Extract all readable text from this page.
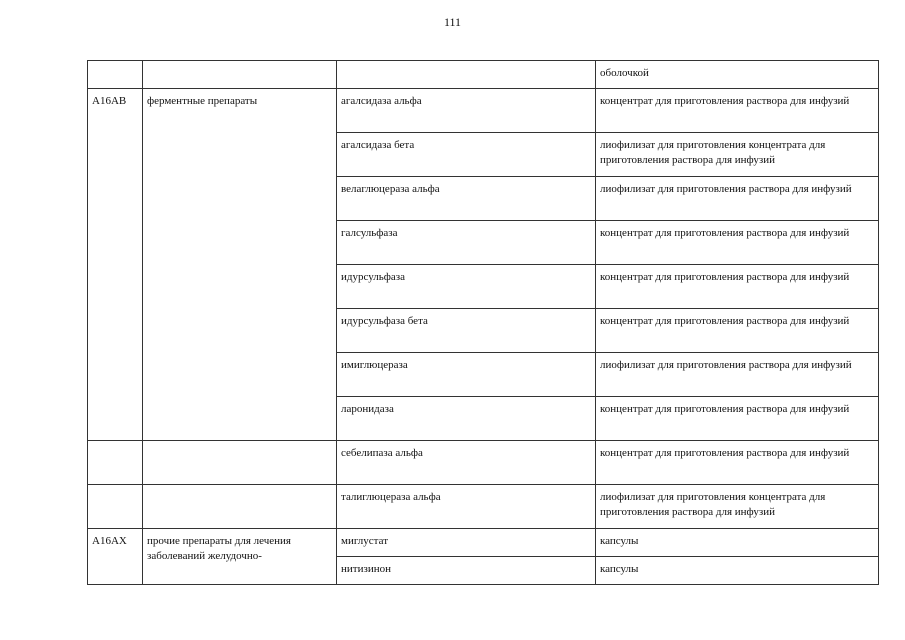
111
			оболочкой
A16AB	ферментные препараты	агалсидаза альфа	концентрат для приготовления раствора для инфузий
		агалсидаза бета	лиофилизат для приготовления концентрата для приготовления раствора для инфузий
		велаглюцераза альфа	лиофилизат для приготовления раствора для инфузий
		галсульфаза	концентрат для приготовления раствора для инфузий
		идурсульфаза	концентрат для приготовления раствора для инфузий
		идурсульфаза бета	концентрат для приготовления раствора для инфузий
		имиглюцераза	лиофилизат для приготовления раствора для инфузий
		ларонидаза	концентрат для приготовления раствора для инфузий
		себелипаза альфа	концентрат для приготовления раствора для инфузий
		талиглюцераза альфа	лиофилизат для приготовления концентрата для приготовления раствора для инфузий
A16AX	прочие препараты для лечения заболеваний желудочно-	миглустат	капсулы
		нитизинон	капсулы
